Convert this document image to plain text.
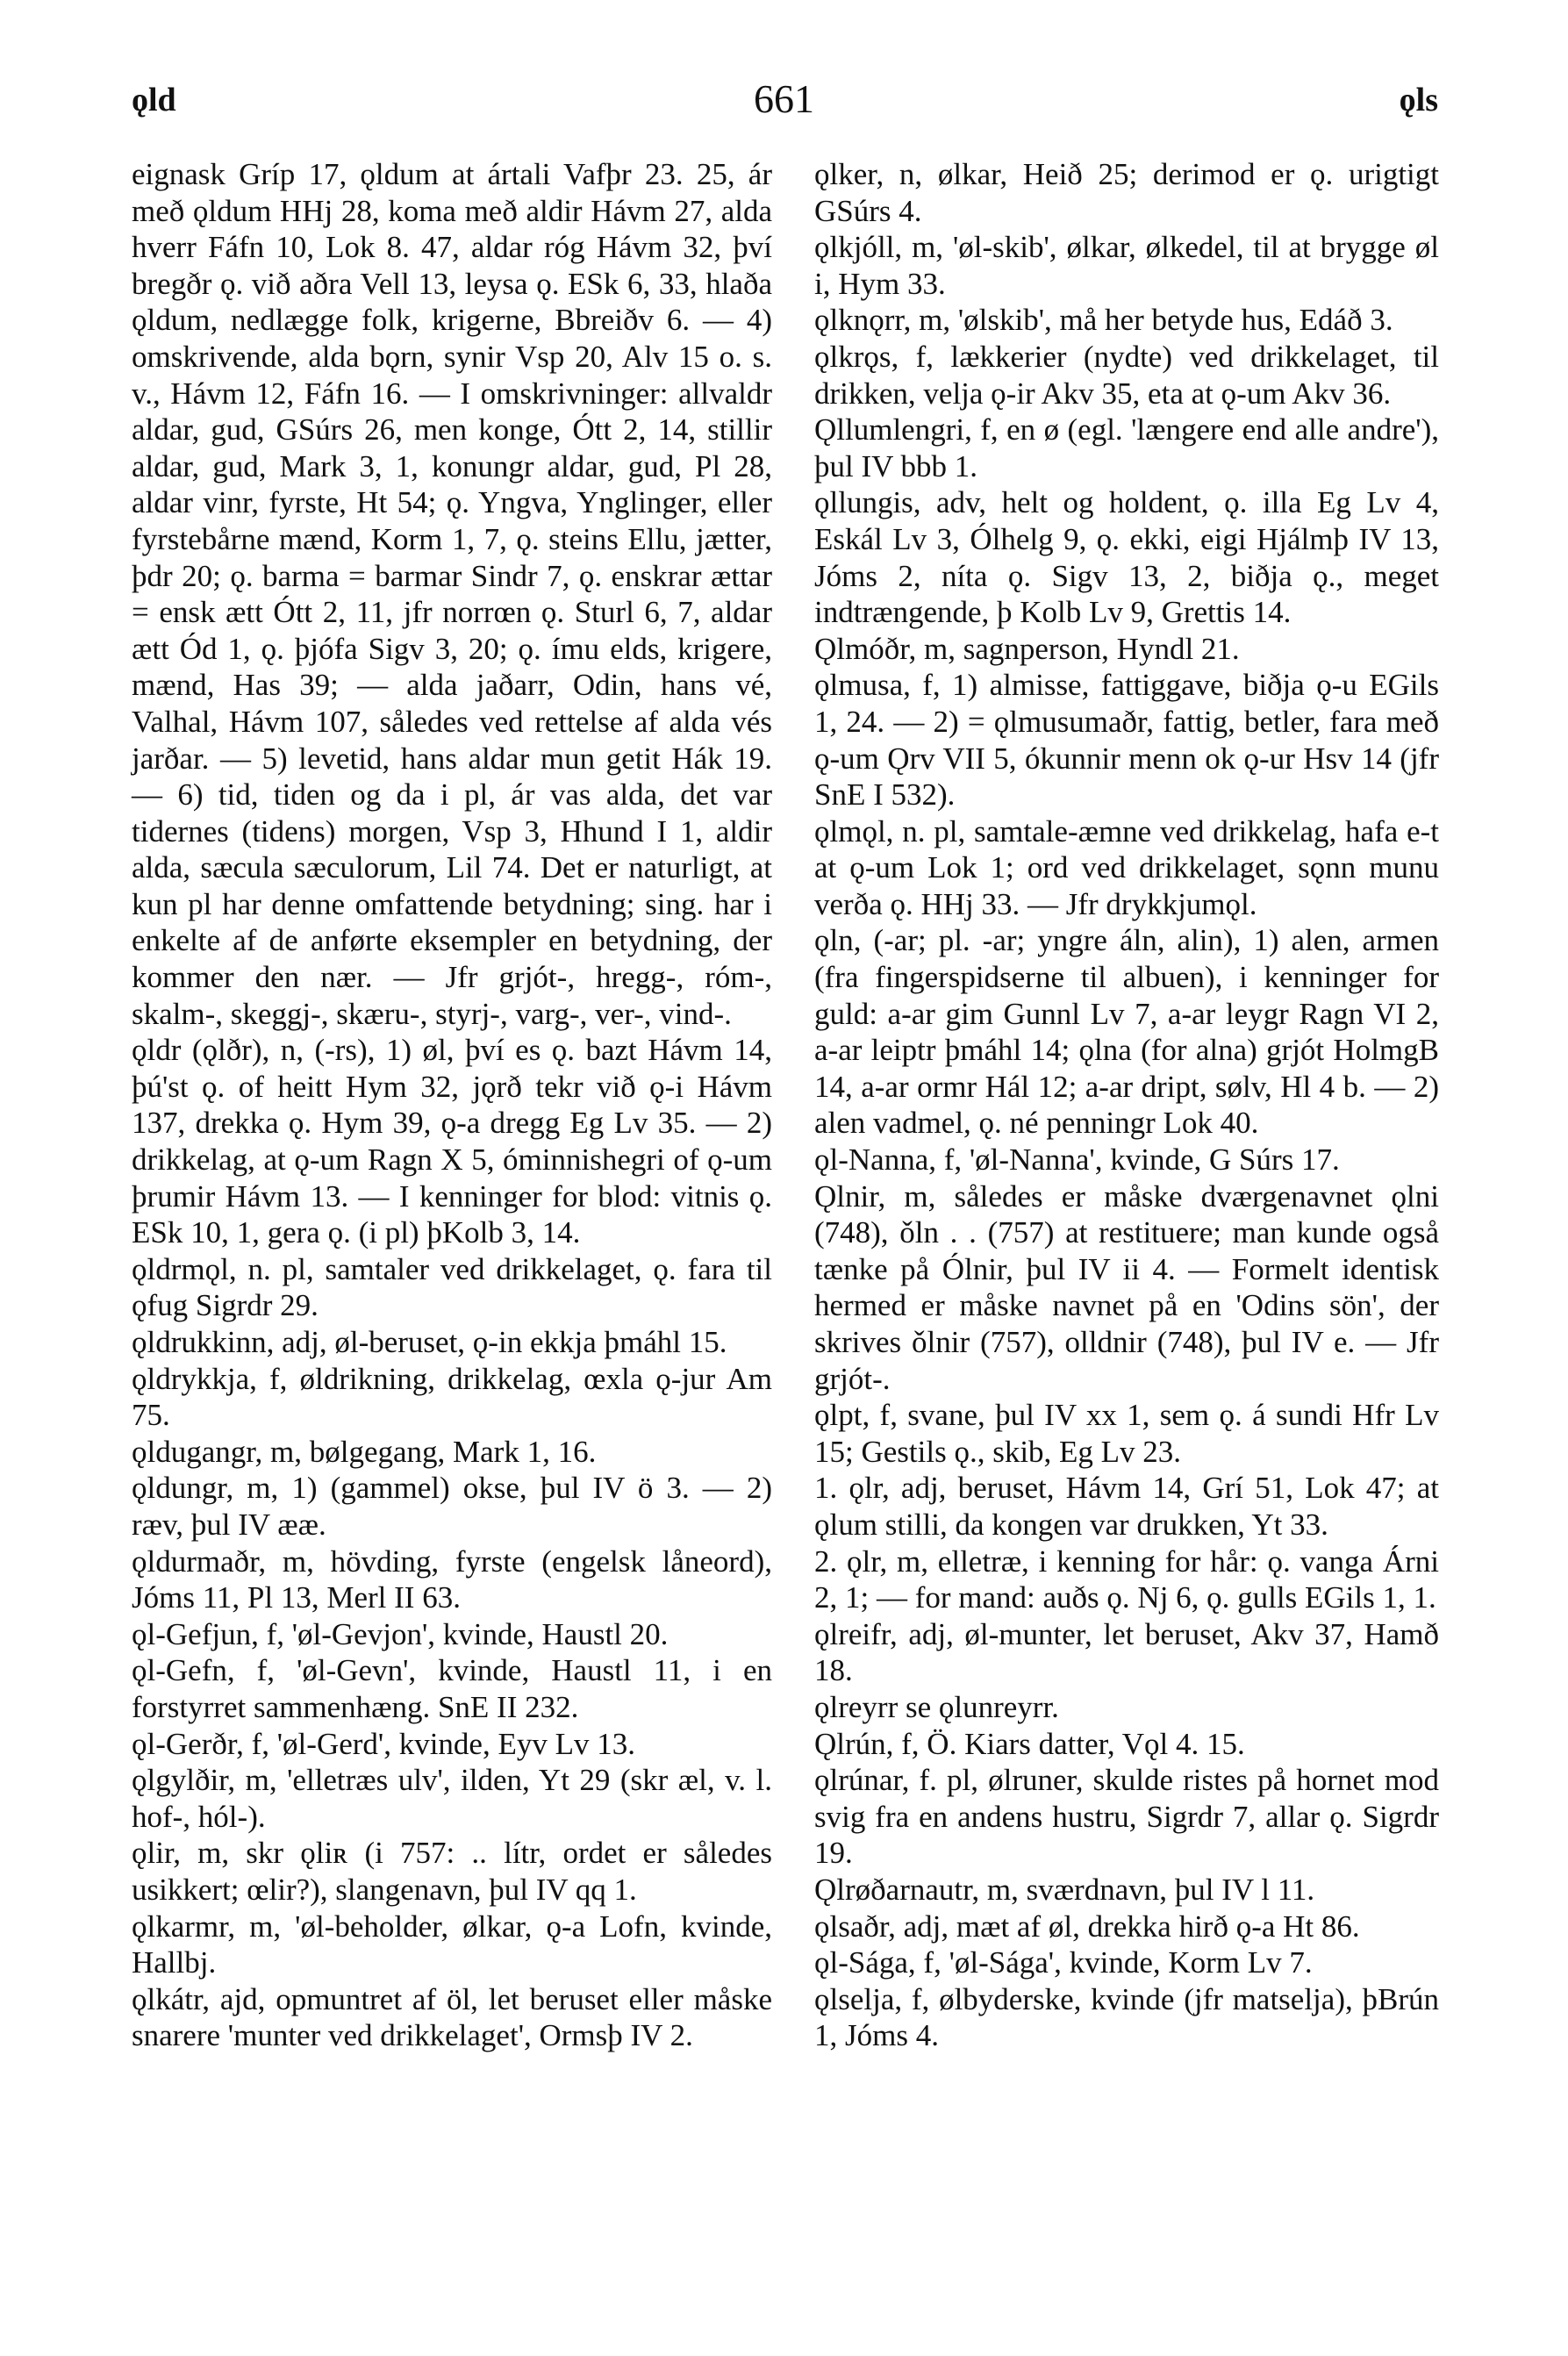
ǫld	661	ǫls

eignask Gríp 17, ǫldum at ártali Vafþr 23. 25, ár með ǫldum HHj 28, koma með aldir Hávm 27, alda hverr Fáfn 10, Lok 8. 47, aldar róg Hávm 32, því bregðr ǫ. við aðra Vell 13, leysa ǫ. ESk 6, 33, hlaða ǫldum, nedlægge folk, krigerne, Bbreiðv 6. — 4) omskrivende, alda bǫrn, synir Vsp 20, Alv 15 o. s. v., Hávm 12, Fáfn 16. — I omskrivninger: allvaldr aldar, gud, GSúrs 26, men konge, Ótt 2, 14, stillir aldar, gud, Mark 3, 1, konungr aldar, gud, Pl 28, aldar vinr, fyrste, Ht 54; ǫ. Yngva, Ynglinger, eller fyrstebårne mænd, Korm 1, 7, ǫ. steins Ellu, jætter, þdr 20; ǫ. barma = barmar Sindr 7, ǫ. enskrar ættar = ensk ætt Ótt 2, 11, jfr norrœn ǫ. Sturl 6, 7, aldar ætt Ód 1, ǫ. þjófa Sigv 3, 20; ǫ. ímu elds, krigere, mænd, Has 39; — alda jaðarr, Odin, hans vé, Valhal, Hávm 107, således ved rettelse af alda vés jarðar. — 5) levetid, hans aldar mun getit Hák 19. — 6) tid, tiden og da i pl, ár vas alda, det var tidernes (tidens) morgen, Vsp 3, Hhund I 1, aldir alda, sæcula sæculorum, Lil 74. Det er naturligt, at kun pl har denne omfattende betydning; sing. har i enkelte af de anførte eksempler en betydning, der kommer den nær. — Jfr grjót-, hregg-, róm-, skalm-, skeggj-, skæru-, styrj-, varg-, ver-, vind-.

ǫldr (ǫlðr), n, (-rs), 1) øl, því es ǫ. bazt Hávm 14, þú'st ǫ. of heitt Hym 32, jǫrð tekr við ǫ-i Hávm 137, drekka ǫ. Hym 39, ǫ-a dregg Eg Lv 35. — 2) drikkelag, at ǫ-um Ragn X 5, óminnishegri of ǫ-um þrumir Hávm 13. — I kenninger for blod: vitnis ǫ. ESk 10, 1, gera ǫ. (i pl) þKolb 3, 14.

ǫldrmǫl, n. pl, samtaler ved drikkelaget, ǫ. fara til ǫfug Sigrdr 29.

ǫldrukkinn, adj, øl-beruset, ǫ-in ekkja þmáhl 15.

ǫldrykkja, f, øldrikning, drikkelag, œxla ǫ-jur Am 75.

ǫldugangr, m, bølgegang, Mark 1, 16.

ǫldungr, m, 1) (gammel) okse, þul IV ö 3. — 2) ræv, þul IV ææ.

ǫldurmaðr, m, hövding, fyrste (engelsk låneord), Jóms 11, Pl 13, Merl II 63.

ǫl-Gefjun, f, 'øl-Gevjon', kvinde, Haustl 20.

ǫl-Gefn, f, 'øl-Gevn', kvinde, Haustl 11, i en forstyrret sammenhæng. SnE II 232.

ǫl-Gerðr, f, 'øl-Gerd', kvinde, Eyv Lv 13.

ǫlgylðir, m, 'elletræs ulv', ilden, Yt 29 (skr æl, v. l. hof-, hól-).

ǫlir, m, skr ǫliʀ (i 757: .. lítr, ordet er således usikkert; œlir?), slangenavn, þul IV qq 1.

ǫlkarmr, m, 'øl-beholder, ølkar, ǫ-a Lofn, kvinde, Hallbj.

ǫlkátr, ajd, opmuntret af öl, let beruset eller måske snarere 'munter ved drikkelaget', Ormsþ IV 2.

ǫlker, n, ølkar, Heið 25; derimod er ǫ. urigtigt GSúrs 4.

ǫlkjóll, m, 'øl-skib', ølkar, ølkedel, til at brygge øl i, Hym 33.

ǫlknǫrr, m, 'ølskib', må her betyde hus, Edáð 3.

ǫlkrǫs, f, lækkerier (nydte) ved drikkelaget, til drikken, velja ǫ-ir Akv 35, eta at ǫ-um Akv 36.

Ǫllumlengri, f, en ø (egl. 'længere end alle andre'), þul IV bbb 1.

ǫllungis, adv, helt og holdent, ǫ. illa Eg Lv 4, Eskál Lv 3, Ólhelg 9, ǫ. ekki, eigi Hjálmþ IV 13, Jóms 2, níta ǫ. Sigv 13, 2, biðja ǫ., meget indtrængende, þ Kolb Lv 9, Grettis 14.

Ǫlmóðr, m, sagnperson, Hyndl 21.

ǫlmusa, f, 1) almisse, fattiggave, biðja ǫ-u EGils 1, 24. — 2) = ǫlmusumaðr, fattig, betler, fara með ǫ-um Ǫrv VII 5, ókunnir menn ok ǫ-ur Hsv 14 (jfr SnE I 532).

ǫlmǫl, n. pl, samtale-æmne ved drikkelag, hafa e-t at ǫ-um Lok 1; ord ved drikkelaget, sǫnn munu verða ǫ. HHj 33. — Jfr drykkjumǫl.

ǫln, (-ar; pl. -ar; yngre áln, alin), 1) alen, armen (fra fingerspidserne til albuen), i kenninger for guld: a-ar gim Gunnl Lv 7, a-ar leygr Ragn VI 2, a-ar leiptr þmáhl 14; ǫlna (for alna) grjót HolmgB 14, a-ar ormr Hál 12; a-ar dript, sølv, Hl 4 b. — 2) alen vadmel, ǫ. né penningr Lok 40.

ǫl-Nanna, f, 'øl-Nanna', kvinde, G Súrs 17.

Ǫlnir, m, således er måske dværgenavnet ǫlni (748), ǒln . . (757) at restituere; man kunde også tænke på Ólnir, þul IV ii 4. — Formelt identisk hermed er måske navnet på en 'Odins sön', der skrives ǒlnir (757), olldnir (748), þul IV e. — Jfr grjót-.

ǫlpt, f, svane, þul IV xx 1, sem ǫ. á sundi Hfr Lv 15; Gestils ǫ., skib, Eg Lv 23.

1. ǫlr, adj, beruset, Hávm 14, Grí 51, Lok 47; at ǫlum stilli, da kongen var drukken, Yt 33.

2. ǫlr, m, elletræ, i kenning for hår: ǫ. vanga Árni 2, 1; — for mand: auðs ǫ. Nj 6, ǫ. gulls EGils 1, 1.

ǫlreifr, adj, øl-munter, let beruset, Akv 37, Hamð 18.

ǫlreyrr se ǫlunreyrr.

Ǫlrún, f, Ö. Kiars datter, Vǫl 4. 15.

ǫlrúnar, f. pl, ølruner, skulde ristes på hornet mod svig fra en andens hustru, Sigrdr 7, allar ǫ. Sigrdr 19.

Ǫlrøðarnautr, m, sværdnavn, þul IV l 11.

ǫlsaðr, adj, mæt af øl, drekka hirð ǫ-a Ht 86.

ǫl-Sága, f, 'øl-Sága', kvinde, Korm Lv 7.

ǫlselja, f, ølbyderske, kvinde (jfr matselja), þBrún 1, Jóms 4.
